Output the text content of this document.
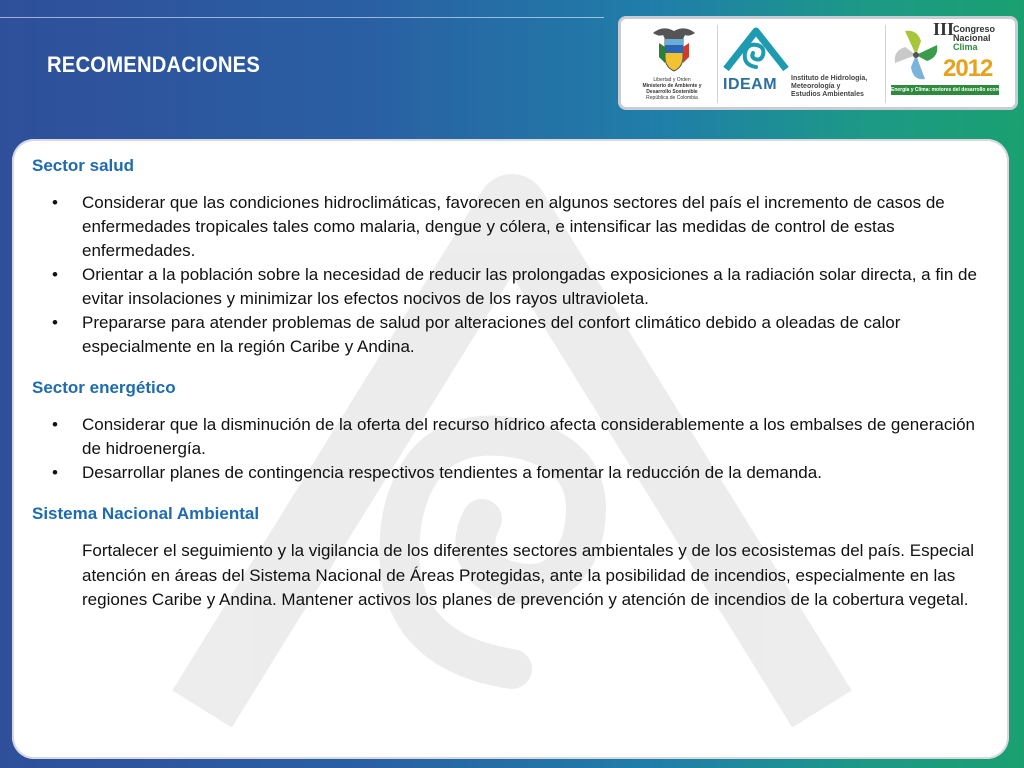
RECOMENDACIONES
Libertad y Orden
Ministerio de Ambiente y
Desarrollo Sostenible
República de Colombia
IDEAM Instituto de Hidrología,
Meteorología y
Estudios Ambientales
III
Congreso
Nacional
Clima
2012
Energía y Clima: motores del desarrollo económico
Sector salud
•	Considerar que las condiciones hidroclimáticas, favorecen en algunos sectores del país el incremento de casos de enfermedades tropicales tales como malaria, dengue y cólera, e intensificar las medidas de control de estas enfermedades.
•	Orientar a la población sobre la necesidad de reducir las prolongadas exposiciones a la radiación solar directa, a fin de evitar insolaciones y minimizar los efectos nocivos de los rayos ultravioleta.
•	Prepararse para atender problemas de salud por alteraciones del confort climático debido a oleadas de calor especialmente en la región Caribe y Andina.
Sector energético
•	Considerar que la disminución de la oferta del recurso hídrico afecta considerablemente a los embalses de generación de hidroenergía.
•	Desarrollar planes de contingencia respectivos tendientes a fomentar la reducción de la demanda.
Sistema Nacional Ambiental

Fortalecer el seguimiento y la vigilancia de los diferentes sectores ambientales y de los ecosistemas del país. Especial atención en áreas del Sistema Nacional de Áreas Protegidas, ante la posibilidad de incendios, especialmente en las regiones Caribe y Andina. Mantener activos los planes de prevención y atención de incendios de la cobertura vegetal.
